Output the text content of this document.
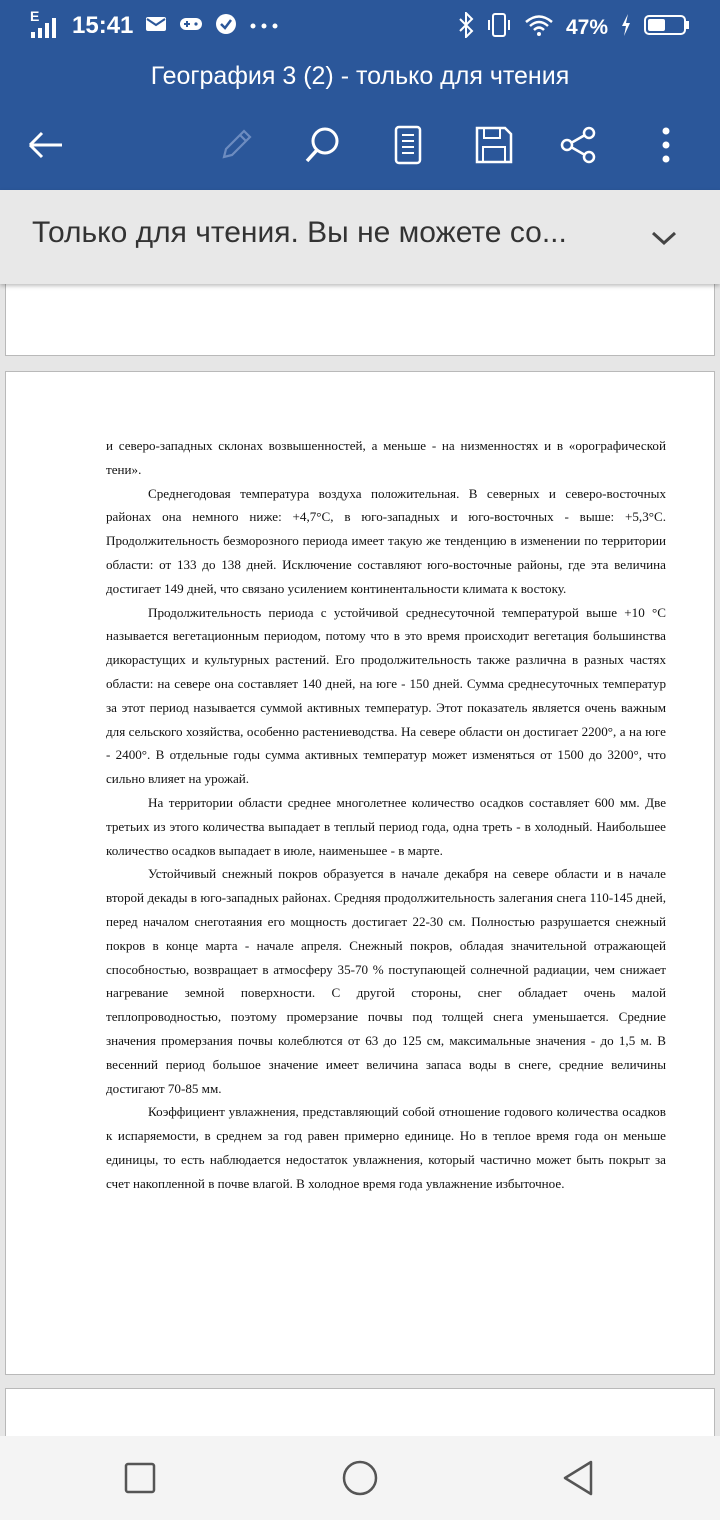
E 15:41	47%
География 3 (2) - только для чтения
Только для чтения. Вы не можете со...

и северо-западных склонах возвышенностей, а меньше - на низменностях и в «орографической тени».

Среднегодовая температура воздуха положительная. В северных и северо-восточных районах она немного ниже: +4,7°С, в юго-западных и юго-восточных - выше: +5,3°С. Продолжительность безморозного периода имеет такую же тенденцию в изменении по территории области: от 133 до 138 дней. Исключение составляют юго-восточные районы, где эта величина достигает 149 дней, что связано усилением континентальности климата к востоку.

Продолжительность периода с устойчивой среднесуточной температурой выше +10 °С называется вегетационным периодом, потому что в это время происходит вегетация большинства дикорастущих и культурных растений. Его продолжительность также различна в разных частях области: на севере она составляет 140 дней, на юге - 150 дней. Сумма среднесуточных температур за этот период называется суммой активных температур. Этот показатель является очень важным для сельского хозяйства, особенно растениеводства. На севере области он достигает 2200°, а на юге - 2400°. В отдельные годы сумма активных температур может изменяться от 1500 до 3200°, что сильно влияет на урожай.

На территории области среднее многолетнее количество осадков составляет 600 мм. Две третьих из этого количества выпадает в теплый период года, одна треть - в холодный. Наибольшее количество осадков выпадает в июле, наименьшее - в марте.

Устойчивый снежный покров образуется в начале декабря на севере области и в начале второй декады в юго-западных районах. Средняя продолжительность залегания снега 110-145 дней, перед началом снеготаяния его мощность достигает 22-30 см. Полностью разрушается снежный покров в конце марта - начале апреля. Снежный покров, обладая значительной отражающей способностью, возвращает в атмосферу 35-70 % поступающей солнечной радиации, чем снижает нагревание земной поверхности. С другой стороны, снег обладает очень малой теплопроводностью, поэтому промерзание почвы под толщей снега уменьшается. Средние значения промерзания почвы колеблются от 63 до 125 см, максимальные значения - до 1,5 м. В весенний период большое значение имеет величина запаса воды в снеге, средние величины достигают 70-85 мм.

Коэффициент увлажнения, представляющий собой отношение годового количества осадков к испаряемости, в среднем за год равен примерно единице. Но в теплое время года он меньше единицы, то есть наблюдается недостаток увлажнения, который частично может быть покрыт за счет накопленной в почве влагой. В холодное время года увлажнение избыточное.
